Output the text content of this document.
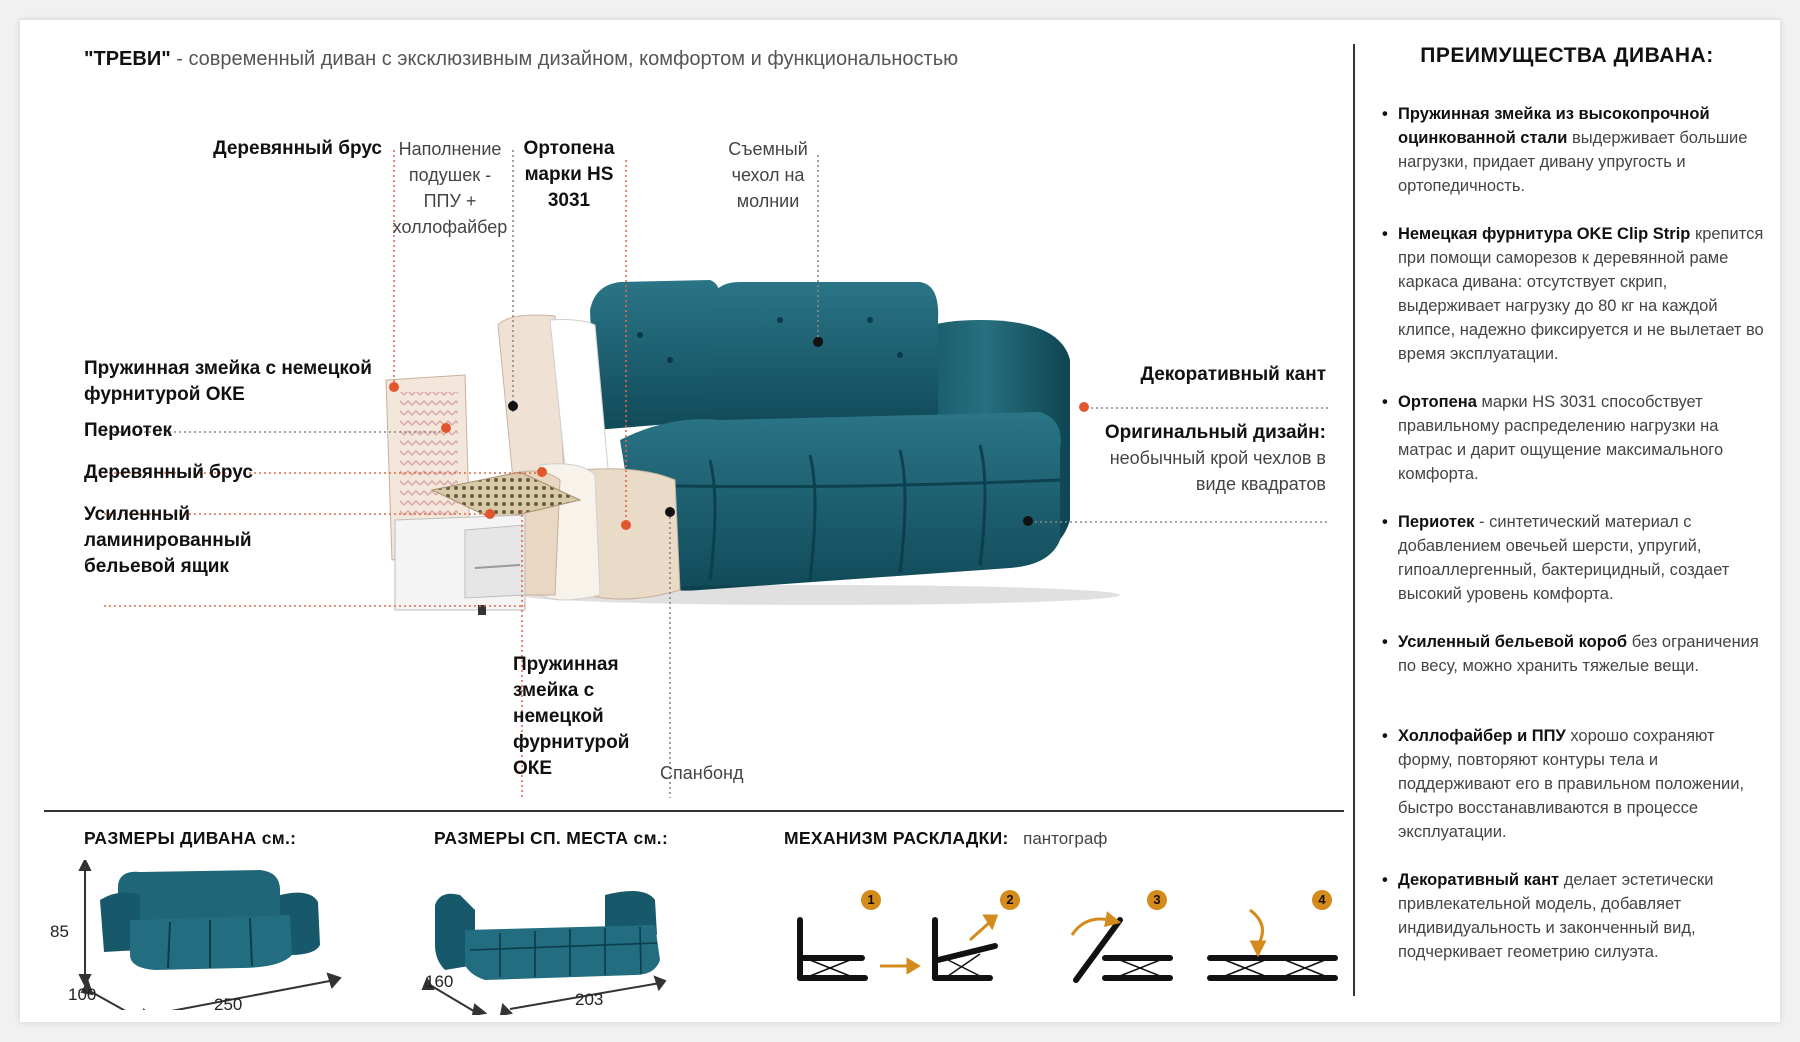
"ТРЕВИ" - современный диван с эксклюзивным дизайном, комфортом и функциональностью
Деревянный брус Наполнение подушек - ППУ + холлофайбер
Ортопена марки HS 3031
Съемный чехол на молнии
Пружинная змейка с немецкой фурнитурой ОКЕ
Периотек
Деревянный брус
Усиленный ламинированный бельевой ящик
Пружинная змейка с немецкой фурнитурой ОКЕ	Спанбонд
Декоративный кант
Оригинальный дизайн:
необычный крой чехлов в виде квадратов
РАЗМЕРЫ ДИВАНА см.:	РАЗМЕРЫ СП. МЕСТА см.:	МЕХАНИЗМ РАСКЛАДКИ: пантограф
85
100
250
160
203
1	2	3	4
ПРЕИМУЩЕСТВА ДИВАНА:
• Пружинная змейка из высокопрочной оцинкованной стали выдерживает большие нагрузки, придает дивану упругость и ортопедичность.
• Немецкая фурнитура OKE Clip Strip крепится при помощи саморезов к деревянной раме каркаса дивана: отсутствует скрип, выдерживает нагрузку до 80 кг на каждой клипсе, надежно фиксируется и не вылетает во время эксплуатации.
• Ортопена марки HS 3031 способствует правильному распределению нагрузки на матрас и дарит ощущение максимального комфорта.
• Периотек - синтетический материал с добавлением овечьей шерсти, упругий, гипоаллергенный, бактерицидный, создает высокий уровень комфорта.
• Усиленный бельевой короб без ограничения по весу, можно хранить тяжелые вещи.
• Холлофайбер и ППУ хорошо сохраняют форму, повторяют контуры тела и поддерживают его в правильном положении, быстро восстанавливаются в процессе эксплуатации.
• Декоративный кант делает эстетически привлекательной модель, добавляет индивидуальность и законченный вид, подчеркивает геометрию силуэта.
